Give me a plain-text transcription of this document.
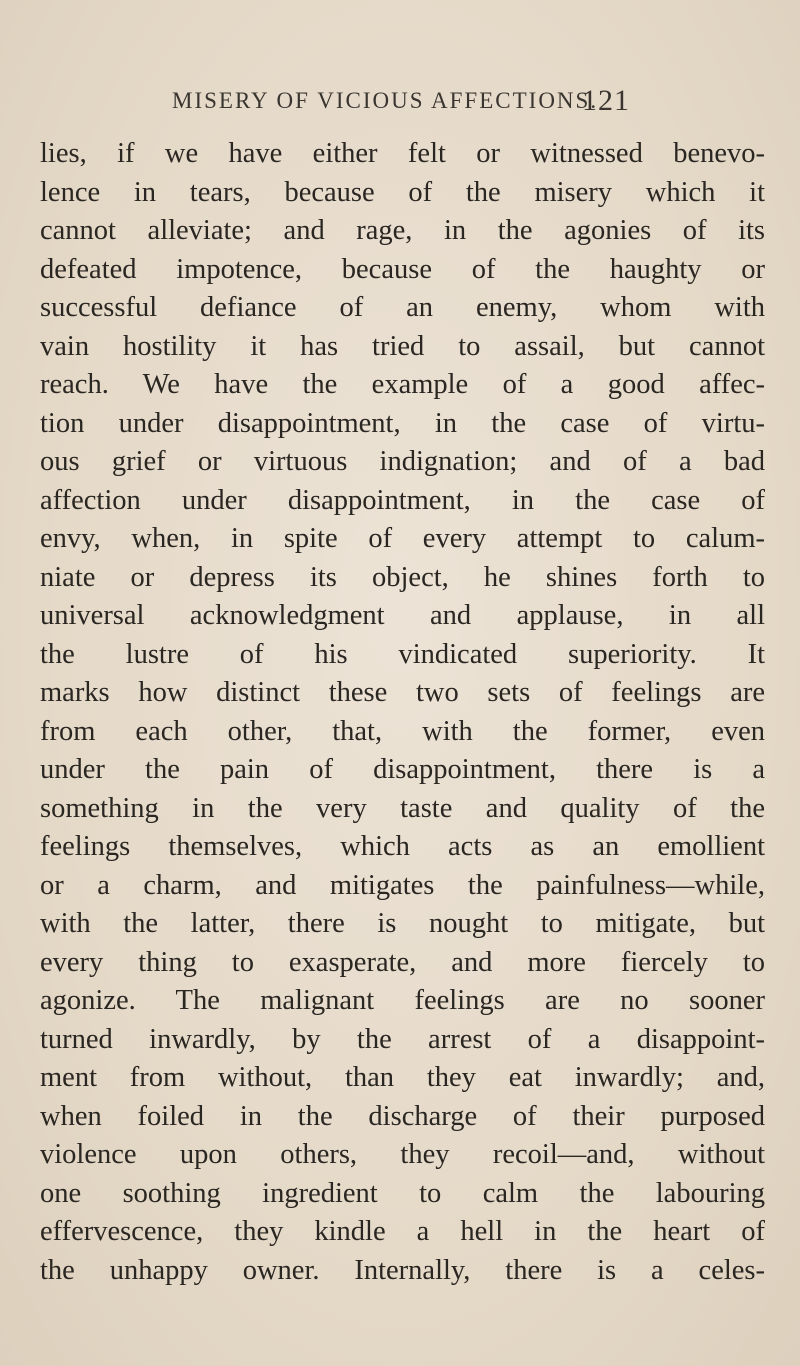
MISERY OF VICIOUS AFFECTIONS.
121
lies, if we have either felt or witnessed benevo-
lence in tears, because of the misery which it
cannot alleviate; and rage, in the agonies of its
defeated impotence, because of the haughty or
successful defiance of an enemy, whom with
vain hostility it has tried to assail, but cannot
reach. We have the example of a good affec-
tion under disappointment, in the case of virtu-
ous grief or virtuous indignation; and of a bad
affection under disappointment, in the case of
envy, when, in spite of every attempt to calum-
niate or depress its object, he shines forth to
universal acknowledgment and applause, in all
the lustre of his vindicated superiority. It
marks how distinct these two sets of feelings are
from each other, that, with the former, even
under the pain of disappointment, there is a
something in the very taste and quality of the
feelings themselves, which acts as an emollient
or a charm, and mitigates the painfulness—while,
with the latter, there is nought to mitigate, but
every thing to exasperate, and more fiercely to
agonize. The malignant feelings are no sooner
turned inwardly, by the arrest of a disappoint-
ment from without, than they eat inwardly; and,
when foiled in the discharge of their purposed
violence upon others, they recoil—and, without
one soothing ingredient to calm the labouring
effervescence, they kindle a hell in the heart of
the unhappy owner. Internally, there is a celes-
